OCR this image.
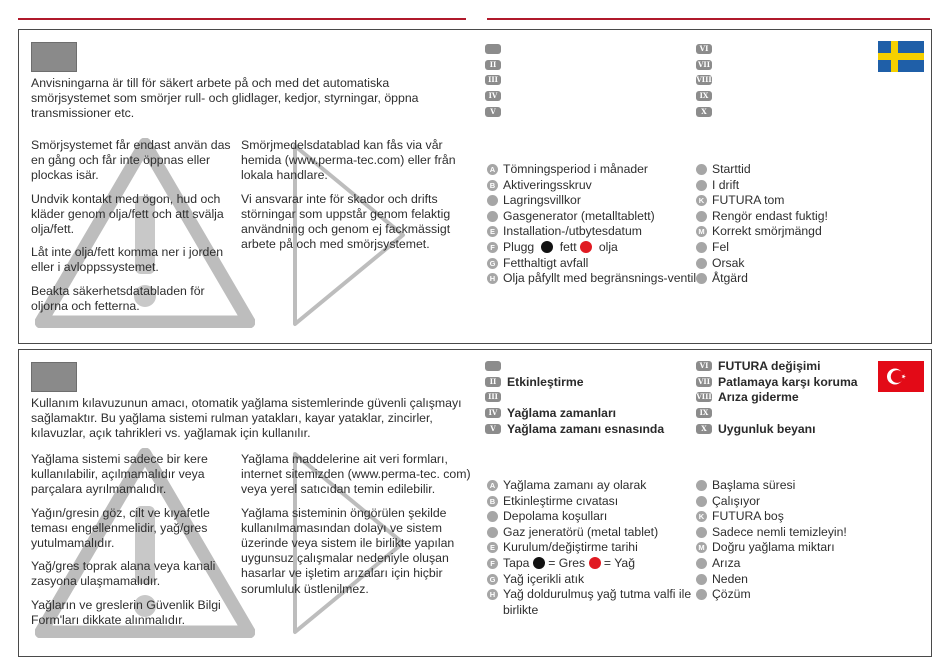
Anvisningarna är till för säkert arbete på och med det automatiska smörjsystemet som smörjer rull- och glidlager, kedjor, styrningar, öppna transmissioner etc.

Smörjsystemet får endast använ das en gång och får inte öppnas eller plockas isär.

Undvik kontakt med ögon, hud och kläder genom olja/fett och att svälja olja/fett.

Låt inte olja/fett komma ner i jorden eller i avloppssystemet.

Beakta säkerhetsdatabladen för oljorna och fetterna.

Smörjmedelsdatablad kan fås via vår hemida (www.perma-tec.com) eller från lokala handlare.

Vi ansvarar inte för skador och drifts störningar som uppstår genom felaktig användning och genom ej fackmässigt arbete på och med smörjsystemet.

II
III
IV
V
VI
VII
VIII
IX
X
A Tömningsperiod i månader
B Aktiveringsskruv
Lagringsvillkor
Gasgenerator (metalltablett)
E Installation-/utbytesdatum
F Plugg fett olja
G Fetthaltigt avfall
H Olja påfyllt med begränsnings-ventil
Starttid
I drift
K FUTURA tom
Rengör endast fuktig!
M Korrekt smörjmängd
Fel
Orsak
Åtgärd

Kullanım kılavuzunun amacı, otomatik yağlama sistemlerinde güvenli çalışmayı sağlamaktır. Bu yağlama sistemi rulman yatakları, kayar yataklar, zincirler, kılavuzlar, açık tahrikleri vs. yağlamak için kullanılır.

Yağlama sistemi sadece bir kere kullanılabilir, açılmamalıdır veya parçalara ayrılmamalıdır.

Yağın/gresin göz, cilt ve kıyafetle teması engellenmelidir, yağ/gres yutulmamalıdır.

Yağ/gres toprak alana veya kanali zasyona ulaşmamalıdır.

Yağların ve greslerin Güvenlik Bilgi Form'ları dikkate alınmalıdır.

Yağlama maddelerine ait veri formları, internet sitemizden (www.perma-tec. com) veya yerel satıcıdan temin edilebilir.

Yağlama sisteminin öngörülen şekilde kullanılmamasından dolayı ve sistem üzerinde veya sistem ile birlikte yapılan uygunsuz çalışmalar nedeniyle oluşan hasarlar ve işletim arızaları için hiçbir sorumluluk üstlenilmez.

II Etkinleştirme
III
IV Yağlama zamanları
V Yağlama zamanı esnasında
VI FUTURA değişimi
VII Patlamaya karşı koruma
VIII Arıza giderme
IX
X Uygunluk beyanı
A Yağlama zamanı ay olarak
B Etkinleştirme cıvatası
Depolama koşulları
Gaz jeneratörü (metal tablet)
E Kurulum/değiştirme tarihi
F Tapa = Gres = Yağ
G Yağ içerikli atık
H Yağ doldurulmuş yağ tutma valfi ile birlikte
Başlama süresi
Çalışıyor
K FUTURA boş
Sadece nemli temizleyin!
M Doğru yağlama miktarı
Arıza
Neden
Çözüm
